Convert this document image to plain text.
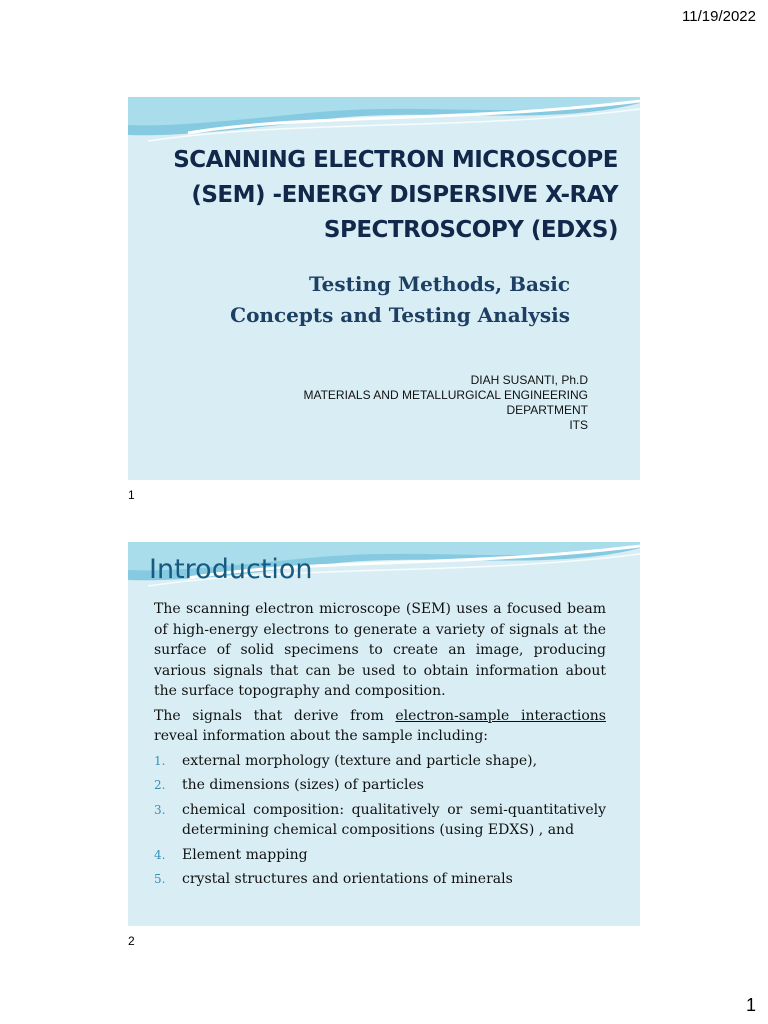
11/19/2022
SCANNING ELECTRON MICROSCOPE
(SEM) -ENERGY DISPERSIVE X-RAY
SPECTROSCOPY (EDXS)
Testing Methods, Basic
Concepts and Testing Analysis
DIAH SUSANTI, Ph.D
MATERIALS AND METALLURGICAL ENGINEERING
DEPARTMENT
ITS
1
Introduction

The scanning electron microscope (SEM) uses a focused beam of high-energy electrons to generate a variety of signals at the surface of solid specimens to create an image, producing various signals that can be used to obtain information about the surface topography and composition.

The signals that derive from electron-sample interactions reveal information about the sample including:

1.	external morphology (texture and particle shape),
2.	the dimensions (sizes) of particles
3.	chemical composition: qualitatively or semi-quantitatively determining chemical compositions (using EDXS) , and
4.	Element mapping
5.	crystal structures and orientations of minerals
2
1
